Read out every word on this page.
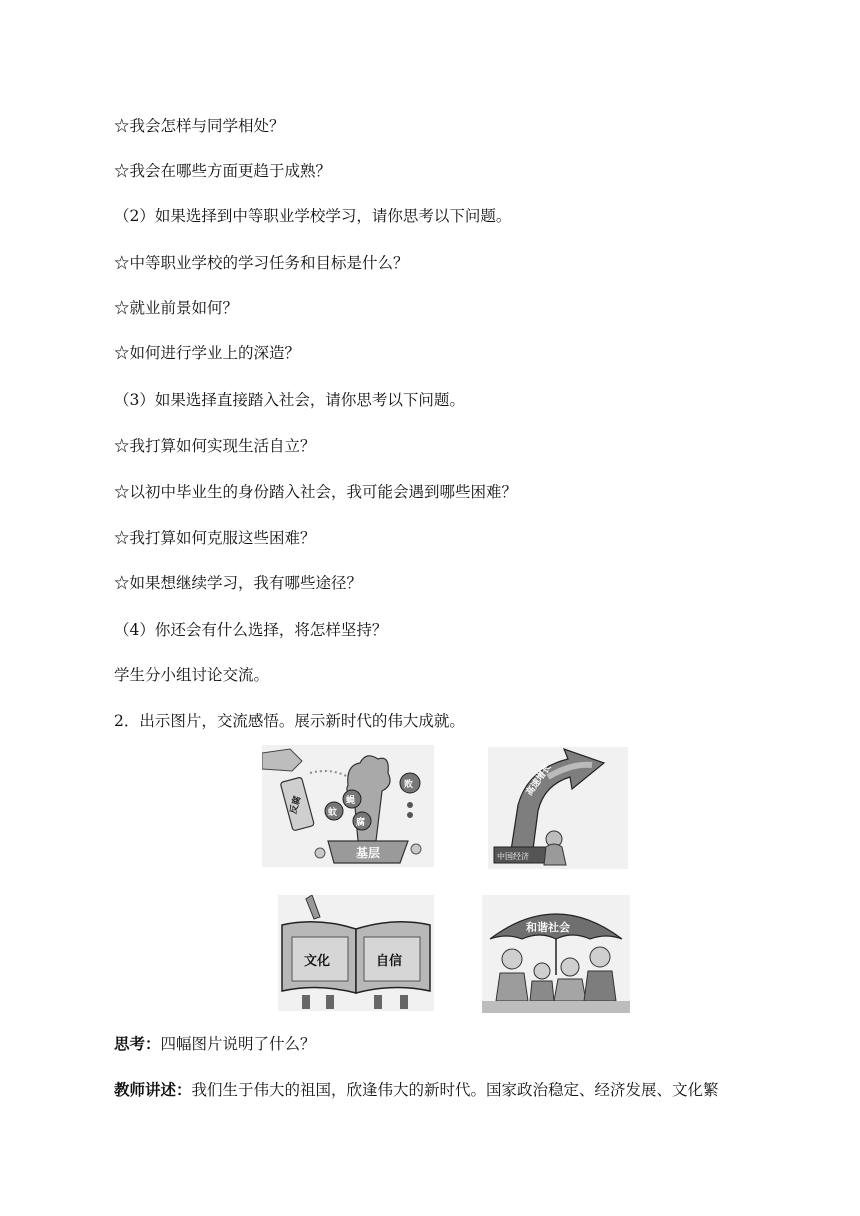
☆我会怎样与同学相处？
☆我会在哪些方面更趋于成熟？
（2）如果选择到中等职业学校学习，请你思考以下问题。
☆中等职业学校的学习任务和目标是什么？
☆就业前景如何？
☆如何进行学业上的深造？
（3）如果选择直接踏入社会，请你思考以下问题。
☆我打算如何实现生活自立？
☆以初中毕业生的身份踏入社会，我可能会遇到哪些困难？
☆我打算如何克服这些困难？
☆如果想继续学习，我有哪些途径？
（4）你还会有什么选择，将怎样坚持？
学生分小组讨论交流。
2．出示图片，交流感悟。展示新时代的伟大成就。
反腐	蚊
蝇
腐
败
基层
高速增长
中国经济
文化	自信
和谐社会
思考：四幅图片说明了什么？
教师讲述：我们生于伟大的祖国，欣逢伟大的新时代。国家政治稳定、经济发展、文化繁
